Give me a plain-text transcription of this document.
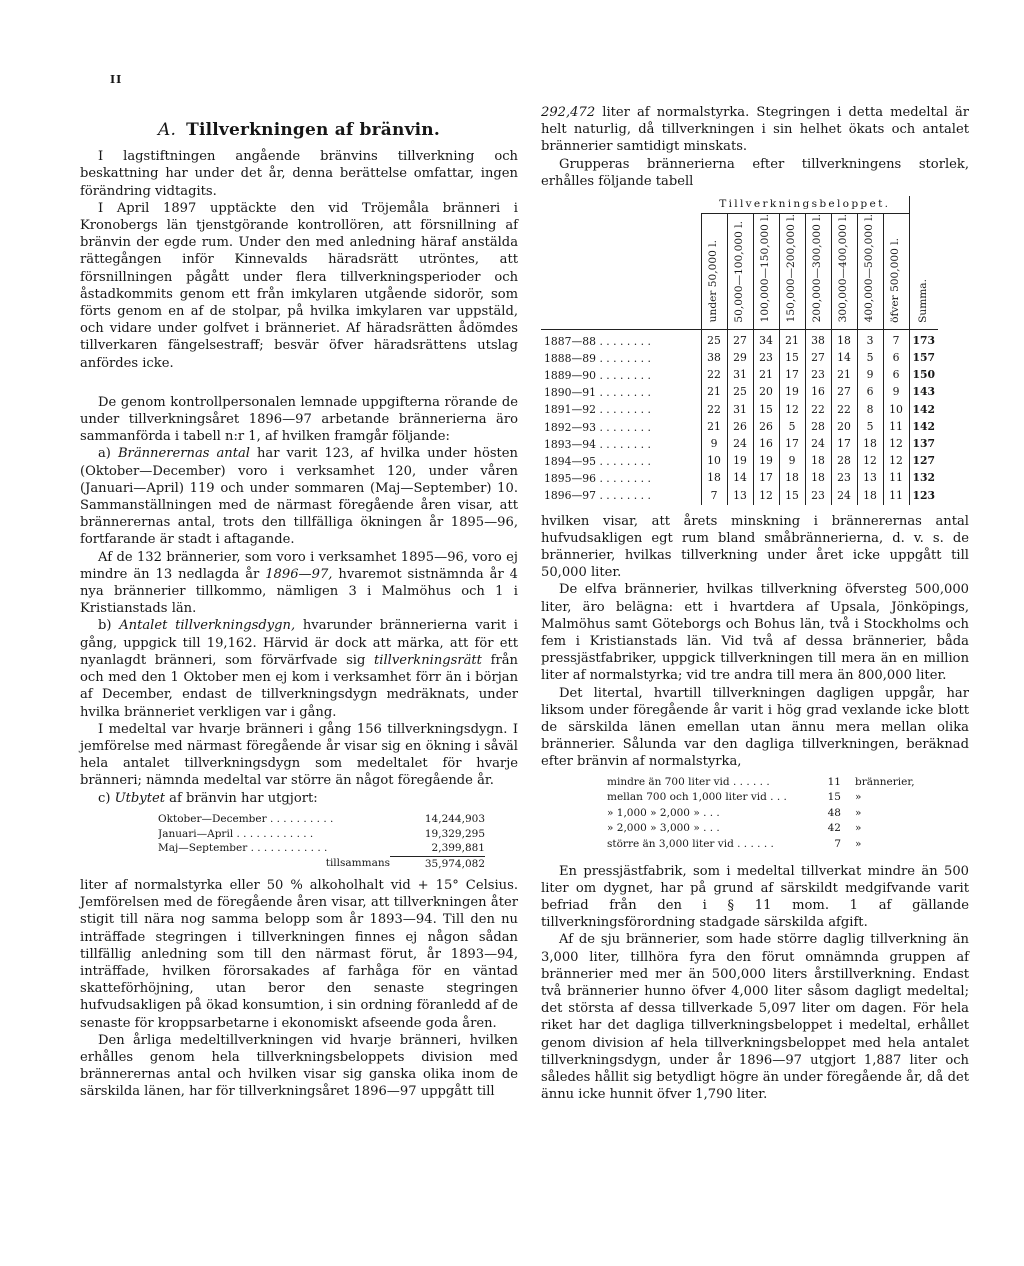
II
A. Tillverkningen af bränvin.

I lagstiftningen angående bränvins tillverkning och beskattning har under det år, denna berättelse omfattar, ingen förändring vidtagits.

I April 1897 upptäckte den vid Tröjemåla bränneri i Kronobergs län tjenstgörande kontrollören, att försnillning af bränvin der egde rum. Under den med anledning häraf anstälda rättegången inför Kinnevalds häradsrätt utröntes, att försnillningen pågått under flera tillverkningsperioder och åstadkommits genom ett från imkylaren utgående sidorör, som förts genom en af de stolpar, på hvilka imkylaren var uppstäld, och vidare under golfvet i bränneriet. Af häradsrätten ådömdes tillverkaren fängelsestraff; besvär öfver häradsrättens utslag anfördes icke.

De genom kontrollpersonalen lemnade uppgifterna rörande de under tillverkningsåret 1896—97 arbetande brännerierna äro sammanförda i tabell n:r 1, af hvilken framgår följande:

a) Brännerernas antal har varit 123, af hvilka under hösten (Oktober—December) voro i verksamhet 120, under våren (Januari—April) 119 och under sommaren (Maj—September) 10. Sammanställningen med de närmast föregående åren visar, att brännerernas antal, trots den tillfälliga ökningen år 1895—96, fortfarande är stadt i aftagande.

Af de 132 brännerier, som voro i verksamhet 1895—96, voro ej mindre än 13 nedlagda år 1896—97, hvaremot sistnämnda år 4 nya brännerier tillkommo, nämligen 3 i Malmöhus och 1 i Kristianstads län.

b) Antalet tillverkningsdygn, hvarunder brännerierna varit i gång, uppgick till 19,162. Härvid är dock att märka, att för ett nyanlagdt bränneri, som förvärfvade sig tillverkningsrätt från och med den 1 Oktober men ej kom i verksamhet förr än i början af December, endast de tillverkningsdygn medräknats, under hvilka bränneriet verkligen var i gång.

I medeltal var hvarje bränneri i gång 156 tillverkningsdygn. I jemförelse med närmast föregående år visar sig en ökning i såväl hela antalet tillverkningsdygn som medeltalet för hvarje bränneri; nämnda medeltal var större än något föregående år.

c) Utbytet af bränvin har utgjort:

Oktober—December . . . . . . . . . .	14,244,903
Januari—April . . . . . . . . . . . .	19,329,295
Maj—September . . . . . . . . . . . .	2,399,881
tillsammans	35,974,082

liter af normalstyrka eller 50 % alkoholhalt vid + 15° Celsius. Jemförelsen med de föregående åren visar, att tillverkningen åter stigit till nära nog samma belopp som år 1893—94. Till den nu inträffade stegringen i tillverkningen finnes ej någon sådan tillfällig anledning som till den närmast förut, år 1893—94, inträffade, hvilken förorsakades af farhåga för en väntad skatteförhöjning, utan beror den senaste stegringen hufvudsakligen på ökad konsumtion, i sin ordning föranledd af de senaste för kroppsarbetarne i ekonomiskt afseende goda åren.

Den årliga medeltillverkningen vid hvarje bränneri, hvilken erhålles genom hela tillverkningsbeloppets division med brännerernas antal och hvilken visar sig ganska olika inom de särskilda länen, har för tillverkningsåret 1896—97 uppgått till

292,472 liter af normalstyrka. Stegringen i detta medeltal är helt naturlig, då tillverkningen i sin helhet ökats och antalet brännerier samtidigt minskats.

Grupperas brännerierna efter tillverkningens storlek, erhålles följande tabell

	Tillverkningsbeloppet.								Summa.

	under 50,000 l.	50,000—100,000 l.	100,000—150,000 l.	150,000—200,000 l.	200,000—300,000 l.	300,000—400,000 l.	400,000—500,000 l.	öfver 500,000 l.	

1887—88 . . . . . . . .	25	27	34	21	38	18	3	7	173
1888—89 . . . . . . . .	38	29	23	15	27	14	5	6	157
1889—90 . . . . . . . .	22	31	21	17	23	21	9	6	150
1890—91 . . . . . . . .	21	25	20	19	16	27	6	9	143
1891—92 . . . . . . . .	22	31	15	12	22	22	8	10	142
1892—93 . . . . . . . .	21	26	26	5	28	20	5	11	142
1893—94 . . . . . . . .	9	24	16	17	24	17	18	12	137
1894—95 . . . . . . . .	10	19	19	9	18	28	12	12	127
1895—96 . . . . . . . .	18	14	17	18	18	23	13	11	132
1896—97 . . . . . . . .	7	13	12	15	23	24	18	11	123

hvilken visar, att årets minskning i brännerernas antal hufvudsakligen egt rum bland småbrännerierna, d. v. s. de brännerier, hvilkas tillverkning under året icke uppgått till 50,000 liter.

De elfva brännerier, hvilkas tillverkning öfversteg 500,000 liter, äro belägna: ett i hvartdera af Upsala, Jönköpings, Malmöhus samt Göteborgs och Bohus län, två i Stockholms och fem i Kristianstads län. Vid två af dessa brännerier, båda pressjästfabriker, uppgick tillverkningen till mera än en million liter af normalstyrka; vid tre andra till mera än 800,000 liter.

Det litertal, hvartill tillverkningen dagligen uppgår, har liksom under föregående år varit i hög grad vexlande icke blott de särskilda länen emellan utan ännu mera mellan olika brännerier. Sålunda var den dagliga tillverkningen, beräknad efter bränvin af normalstyrka,

mindre än 700 liter vid . . . . . .	11	brännerier,
mellan 700 och 1,000 liter vid . . .	15	»
» 1,000 » 2,000 » . . .	48	»
» 2,000 » 3,000 » . . .	42	»
större än 3,000 liter vid . . . . . .	7	»

En pressjästfabrik, som i medeltal tillverkat mindre än 500 liter om dygnet, har på grund af särskildt medgifvande varit befriad från den i § 11 mom. 1 af gällande tillverkningsförordning stadgade särskilda afgift.

Af de sju brännerier, som hade större daglig tillverkning än 3,000 liter, tillhöra fyra den förut omnämnda gruppen af brännerier med mer än 500,000 liters årstillverkning. Endast två brännerier hunno öfver 4,000 liter såsom dagligt medeltal; det största af dessa tillverkade 5,097 liter om dagen. För hela riket har det dagliga tillverkningsbeloppet i medeltal, erhållet genom division af hela tillverkningsbeloppet med hela antalet tillverkningsdygn, under år 1896—97 utgjort 1,887 liter och således hållit sig betydligt högre än under föregående år, då det ännu icke hunnit öfver 1,790 liter.
